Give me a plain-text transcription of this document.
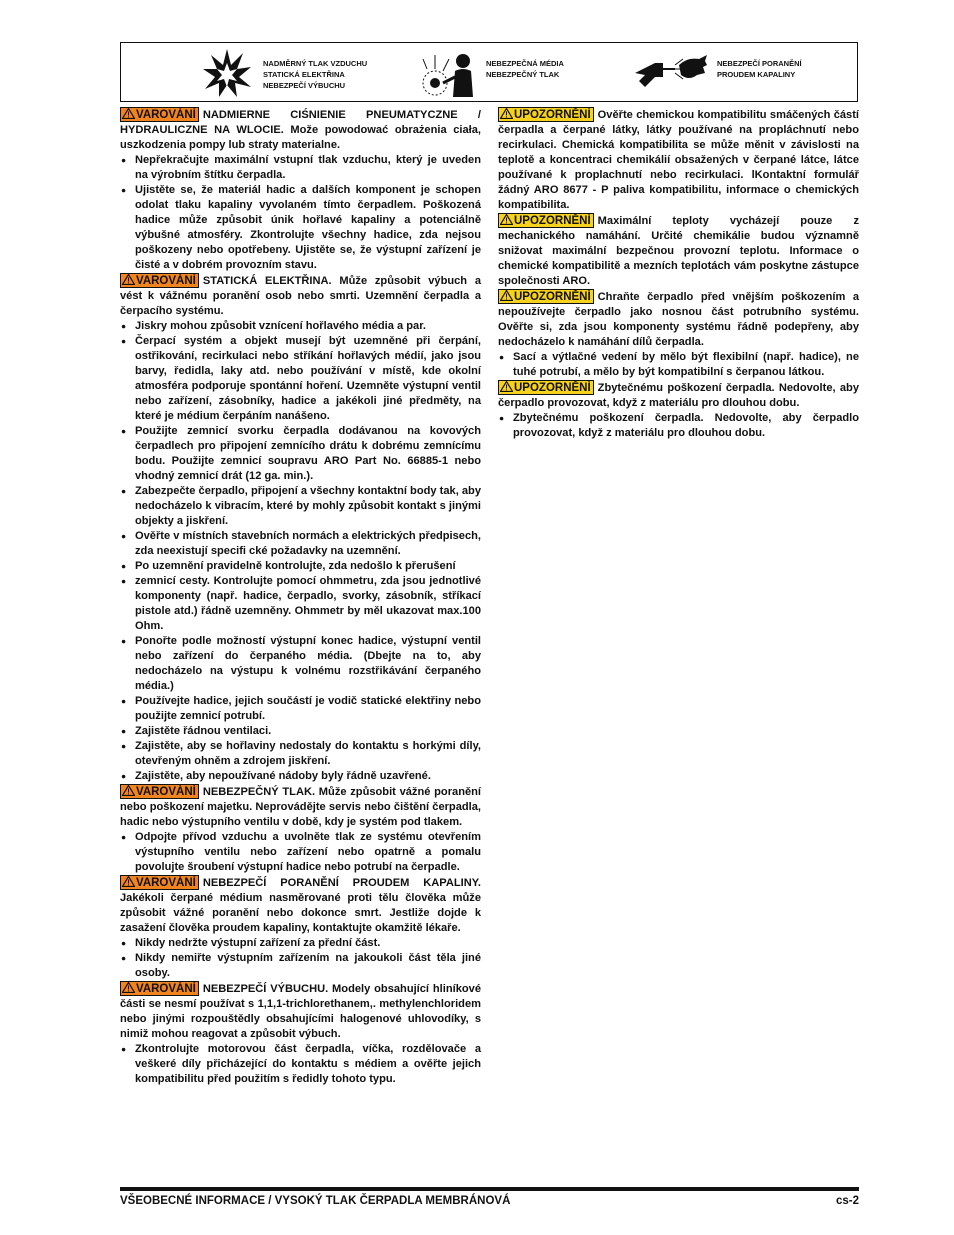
NADMĚRNÝ TLAK VZDUCHU
STATICKÁ ELEKTŘINA
NEBEZPEČÍ VÝBUCHU
NEBEZPEČNÁ MÉDIA
NEBEZPEČNÝ TLAK
NEBEZPEČÍ PORANĚNÍ
PROUDEM KAPALINY

VAROVÁNÍ NADMIERNE CIŚNIENIE PNEUMATYCZNE / HYDRAULICZNE NA WLOCIE. Može powodować obrażenia ciała, uszkodzenia pompy lub straty materialne.

● Nepřekračujte maximální vstupní tlak vzduchu, který je uveden na výrobním štítku čerpadla.
● Ujistěte se, že materiál hadic a dalších komponent je schopen odolat tlaku kapaliny vyvolaném tímto čerpadlem. Poškozená hadice může způsobit únik hořlavé kapaliny a potenciálně výbušné atmosféry. Zkontrolujte všechny hadice, zda nejsou poškozeny nebo opotřebeny. Ujistěte se, že výstupní zařízení je čisté a v dobrém provozním stavu.

VAROVÁNÍ STATICKÁ ELEKTŘINA. Může způsobit výbuch a vést k vážnému poranění osob nebo smrti. Uzemnění čerpadla a čerpacího systému.

● Jiskry mohou způsobit vznícení hořlavého média a par.
● Čerpací systém a objekt musejí být uzemněné při čerpání, ostřikování, recirkulaci nebo stříkání hořlavých médií, jako jsou barvy, ředidla, laky atd. nebo používání v místě, kde okolní atmosféra podporuje spontánní hoření. Uzemněte výstupní ventil nebo zařízení, zásobníky, hadice a jakékoli jiné předměty, na které je médium čerpáním nanášeno.
● Použijte zemnicí svorku čerpadla dodávanou na kovových čerpadlech pro připojení zemnícího drátu k dobrému zemnícímu bodu. Použijte zemnicí soupravu ARO Part No. 66885-1 nebo vhodný zemnicí drát (12 ga. min.).
● Zabezpečte čerpadlo, připojení a všechny kontaktní body tak, aby nedocházelo k vibracím, které by mohly způsobit kontakt s jinými objekty a jiskření.
● Ověřte v místních stavebních normách a elektrických předpisech, zda neexistují specifi cké požadavky na uzemnění.
● Po uzemnění pravidelně kontrolujte, zda nedošlo k přerušení
● zemnicí cesty. Kontrolujte pomocí ohmmetru, zda jsou jednotlivé komponenty (např. hadice, čerpadlo, svorky, zásobník, stříkací pistole atd.) řádně uzemněny. Ohmmetr by měl ukazovat max.100 Ohm.
● Ponořte podle možností výstupní konec hadice, výstupní ventil nebo zařízení do čerpaného média. (Dbejte na to, aby nedocházelo na výstupu k volnému rozstřikávání čerpaného média.)
● Používejte hadice, jejich součástí je vodič statické elektřiny nebo použijte zemnicí potrubí.
● Zajistěte řádnou ventilaci.
● Zajistěte, aby se hořlaviny nedostaly do kontaktu s horkými díly, otevřeným ohněm a zdrojem jiskření.
● Zajistěte, aby nepoužívané nádoby byly řádně uzavřené.

VAROVÁNÍ NEBEZPEČNÝ TLAK. Může způsobit vážné poranění nebo poškození majetku. Neprovádějte servis nebo čištění čerpadla, hadic nebo výstupního ventilu v době, kdy je systém pod tlakem.

● Odpojte přívod vzduchu a uvolněte tlak ze systému otevřením výstupního ventilu nebo zařízení nebo opatrně a pomalu povolujte šroubení výstupní hadice nebo potrubí na čerpadle.

VAROVÁNÍ NEBEZPEČÍ PORANĚNÍ PROUDEM KAPALINY. Jakékoli čerpané médium nasměrované proti tělu člověka může způsobit vážné poranění nebo dokonce smrt. Jestliže dojde k zasažení člověka proudem kapaliny, kontaktujte okamžitě lékaře.

● Nikdy nedržte výstupní zařízení za přední část.
● Nikdy nemiřte výstupním zařízením na jakoukoli část těla jiné osoby.

VAROVÁNÍ NEBEZPEČÍ VÝBUCHU. Modely obsahující hliníkové části se nesmí používat s 1,1,1-trichlorethanem,. methylenchloridem nebo jinými rozpouštědly obsahujícími halogenové uhlovodíky, s nimiž mohou reagovat a způsobit výbuch.

● Zkontrolujte motorovou část čerpadla, víčka, rozdělovače a veškeré díly přicházející do kontaktu s médiem a ověřte jejich kompatibilitu před použitím s ředidly tohoto typu.

UPOZORNĚNÍ Ověřte chemickou kompatibilitu smáčených částí čerpadla a čerpané látky, látky používané na propláchnutí nebo recirkulaci. Chemická kompatibilita se může měnit v závislosti na teplotě a koncentraci chemikálií obsažených v čerpané látce, látce používané k proplachnutí nebo recirkulaci. lKontaktní formulář žádný ARO 8677 - P paliva kompatibilitu, informace o chemických kompatibilita.

UPOZORNĚNÍ Maximální teploty vycházejí pouze z mechanického namáhání. Určité chemikálie budou významně snižovat maximální bezpečnou provozní teplotu. Informace o chemické kompatibilitě a mezních teplotách vám poskytne zástupce společnosti ARO.

UPOZORNĚNÍ Chraňte čerpadlo před vnějším poškozením a nepoužívejte čerpadlo jako nosnou část potrubního systému. Ověřte si, zda jsou komponenty systému řádně podepřeny, aby nedocházelo k namáhání dílů čerpadla.

● Sací a výtlačné vedení by mělo být flexibilní (např. hadice), ne tuhé potrubí, a mělo by být kompatibilní s čerpanou látkou.

UPOZORNĚNÍ Zbytečnému poškození čerpadla. Nedovolte, aby čerpadlo provozovat, když z materiálu pro dlouhou dobu.

● Zbytečnému poškození čerpadla. Nedovolte, aby čerpadlo provozovat, když z materiálu pro dlouhou dobu.
VŠEOBECNÉ INFORMACE / VYSOKÝ TLAK ČERPADLA MEMBRÁNOVÁ	cs-2
